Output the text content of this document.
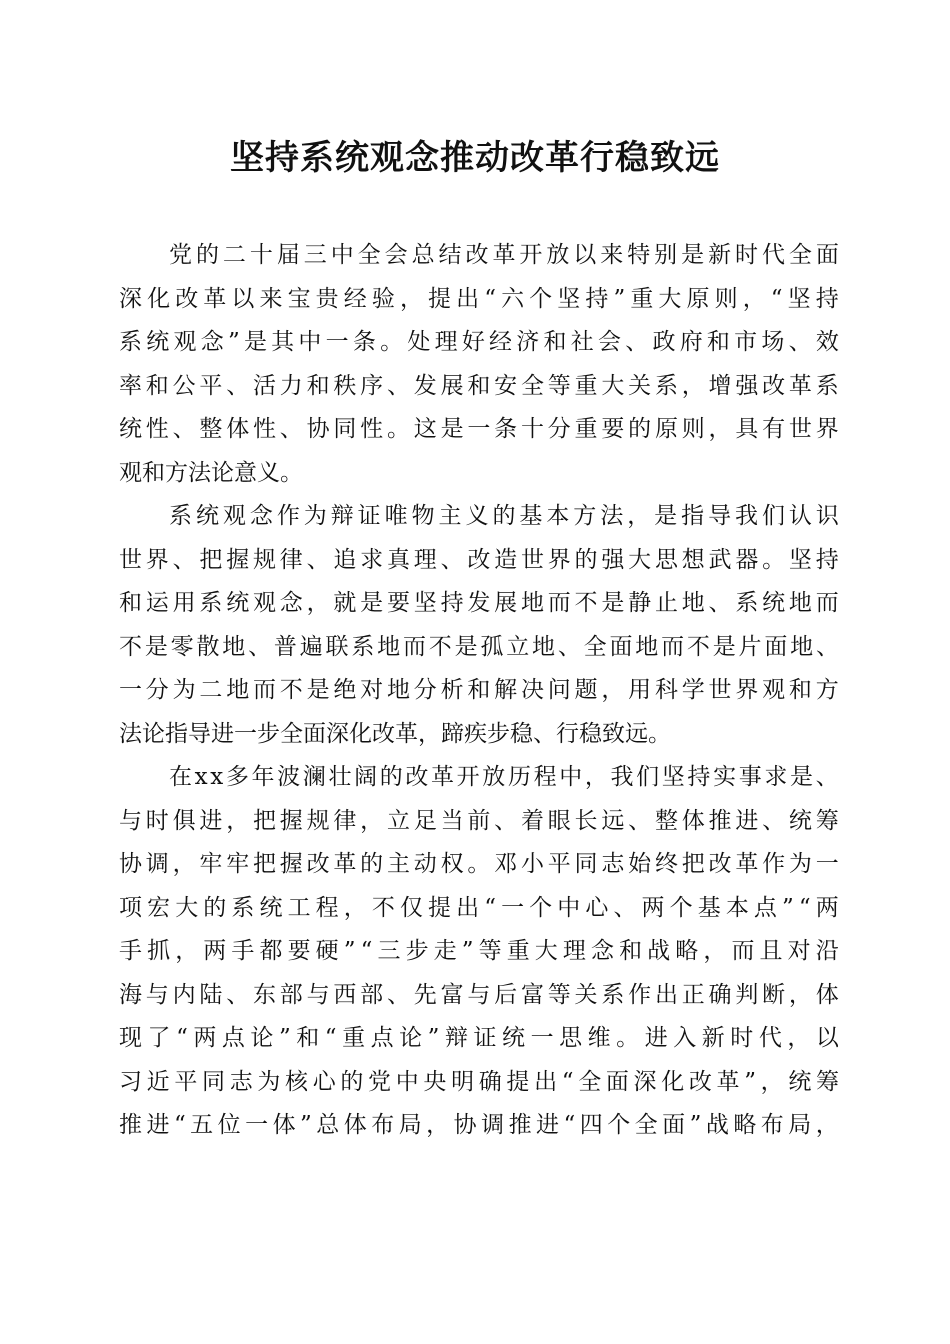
坚持系统观念推动改革行稳致远
党 的 二 十 届 三 中 全 会 总 结 改 革 开 放 以 来 特 别 是 新 时 代 全 面
深 化 改 革 以 来 宝 贵 经 验 ， 提 出 “ 六 个 坚 持 ” 重 大 原 则 ， “ 坚 持
系 统 观 念 ” 是 其 中 一 条 。 处 理 好 经 济 和 社 会 、 政 府 和 市 场 、 效
率 和 公 平 、 活 力 和 秩 序 、 发 展 和 安 全 等 重 大 关 系 ， 增 强 改 革 系
统 性 、 整 体 性 、 协 同 性 。 这 是 一 条 十 分 重 要 的 原 则 ， 具 有 世 界
观和方法论意义。
系 统 观 念 作 为 辩 证 唯 物 主 义 的 基 本 方 法 ， 是 指 导 我 们 认 识
世 界 、 把 握 规 律 、 追 求 真 理 、 改 造 世 界 的 强 大 思 想 武 器 。 坚 持
和 运 用 系 统 观 念 ， 就 是 要 坚 持 发 展 地 而 不 是 静 止 地 、 系 统 地 而
不 是 零 散 地 、 普 遍 联 系 地 而 不 是 孤 立 地 、 全 面 地 而 不 是 片 面 地 、
一 分 为 二 地 而 不 是 绝 对 地 分 析 和 解 决 问 题 ， 用 科 学 世 界 观 和 方
法论指导进一步全面深化改革，蹄疾步稳、行稳致远。
在 x x 多 年 波 澜 壮 阔 的 改 革 开 放 历 程 中 ， 我 们 坚 持 实 事 求 是 、
与 时 俱 进 ， 把 握 规 律 ， 立 足 当 前 、 着 眼 长 远 、 整 体 推 进 、 统 筹
协 调 ， 牢 牢 把 握 改 革 的 主 动 权 。 邓 小 平 同 志 始 终 把 改 革 作 为 一
项 宏 大 的 系 统 工 程 ， 不 仅 提 出 “ 一 个 中 心 、 两 个 基 本 点 ” “ 两
手 抓 ， 两 手 都 要 硬 ” “ 三 步 走 ” 等 重 大 理 念 和 战 略 ， 而 且 对 沿
海 与 内 陆 、 东 部 与 西 部 、 先 富 与 后 富 等 关 系 作 出 正 确 判 断 ， 体
现 了 “ 两 点 论 ” 和 “ 重 点 论 ” 辩 证 统 一 思 维 。 进 入 新 时 代 ， 以
习 近 平 同 志 为 核 心 的 党 中 央 明 确 提 出 “ 全 面 深 化 改 革 ” ， 统 筹
推 进 “ 五 位 一 体 ” 总 体 布 局 ， 协 调 推 进 “ 四 个 全 面 ” 战 略 布 局 ，
